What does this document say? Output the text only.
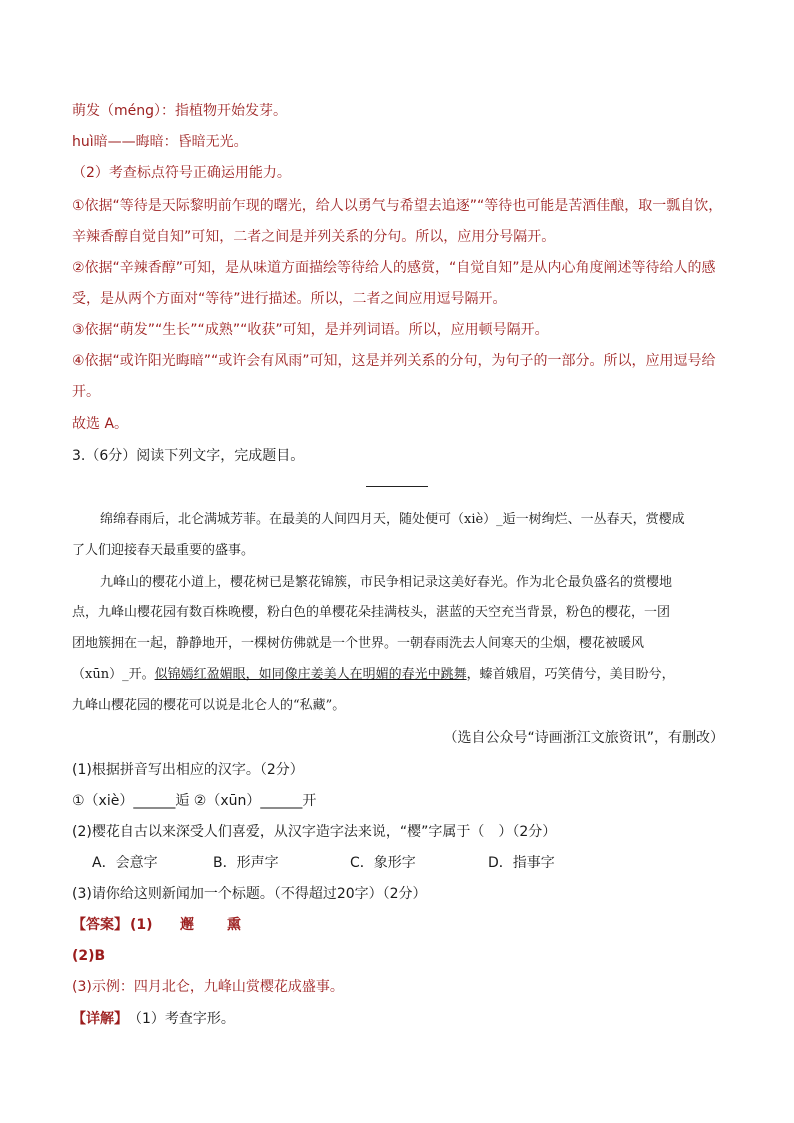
萌发（méng）：指植物开始发芽。
huì暗——晦暗：昏暗无光。
（2）考查标点符号正确运用能力。
①依据“等待是天际黎明前乍现的曙光，给人以勇气与希望去追逐”“等待也可能是苦酒佳酿，取一瓢自饮，
辛辣香醇自觉自知”可知，二者之间是并列关系的分句。所以，应用分号隔开。
②依据“辛辣香醇”可知，是从味道方面描绘等待给人的感赏，“自觉自知”是从内心角度阐述等待给人的感
受，是从两个方面对“等待”进行描述。所以，二者之间应用逗号隔开。
③依据“萌发”“生长”“成熟”“收获”可知，是并列词语。所以，应用顿号隔开。
④依据“或许阳光晦暗”“或许会有风雨”可知，这是并列关系的分句，为句子的一部分。所以，应用逗号给
开。
故选 A。
3.（6分）阅读下列文字，完成题目。
绵绵春雨后，北仑满城芳菲。在最美的人间四月天，随处便可（xiè）_逅一树绚烂、一丛春天，赏樱成
了人们迎接春天最重要的盛事。
九峰山的樱花小道上，樱花树已是繁花锦簇，市民争相记录这美好春光。作为北仑最负盛名的赏樱地
点，九峰山樱花园有数百株晚樱，粉白色的单樱花朵挂满枝头，湛蓝的天空充当背景，粉色的樱花，一团
团地簇拥在一起，静静地开，一棵树仿佛就是一个世界。一朝春雨洗去人间寒天的尘烟，樱花被暖风
（xūn）_开。似锦嫣红盈媚眼，如同像庄姜美人在明媚的春光中跳舞，螓首娥眉，巧笑倩兮，美目盼兮，
九峰山樱花园的樱花可以说是北仑人的“私藏”。
（选自公众号“诗画浙江文旅资讯”，有删改）
(1)根据拼音写出相应的汉字。（2分）
①（xiè）______逅 ②（xūn）______开
(2)樱花自古以来深受人们喜爱，从汉字造字法来说，“樱”字属于（　）（2分）
A．会意字	B．形声字	C．象形字	D．指事字
(3)请你给这则新闻加一个标题。（不得超过20字）（2分）
【答案】 (1) 邂 熏
(2)B
(3)示例：四月北仑，九峰山赏樱花成盛事。
【详解】 （1）考查字形。
